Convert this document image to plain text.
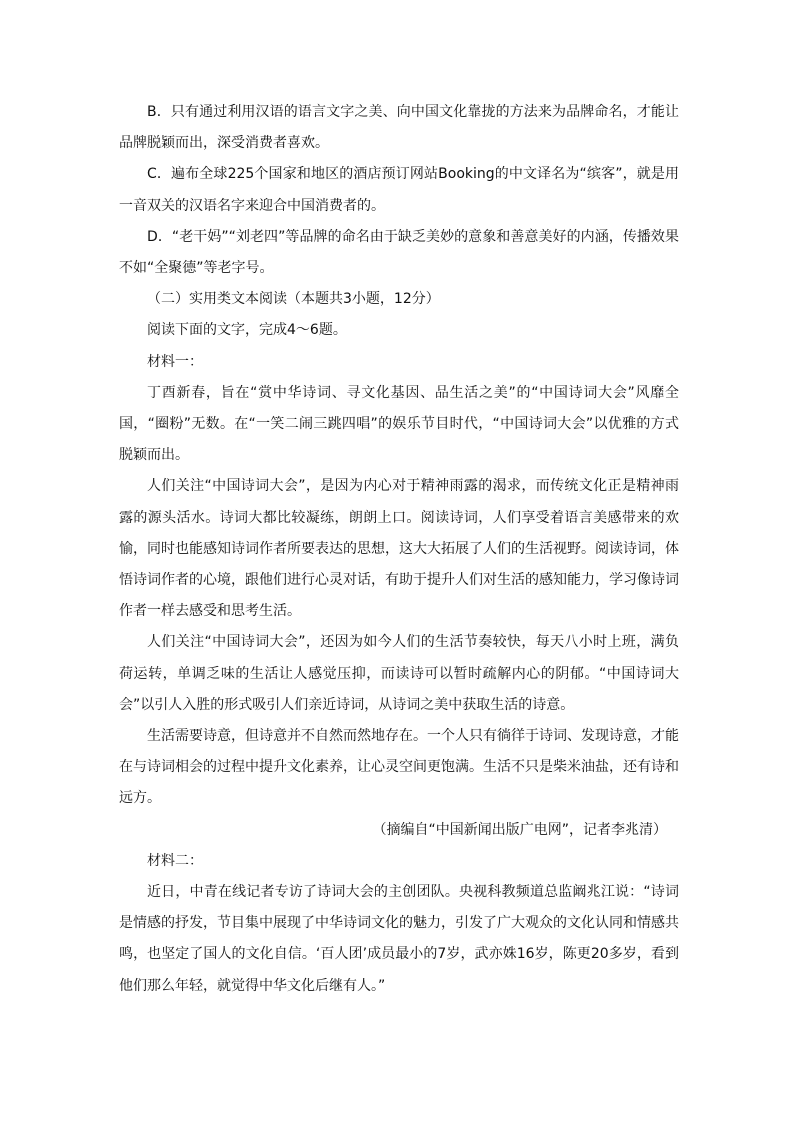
B．只有通过利用汉语的语言文字之美、向中国文化靠拢的方法来为品牌命名，才能让品牌脱颖而出，深受消费者喜欢。

C．遍布全球225个国家和地区的酒店预订网站Booking的中文译名为“缤客”，就是用一音双关的汉语名字来迎合中国消费者的。

D．“老干妈”“刘老四”等品牌的命名由于缺乏美妙的意象和善意美好的内涵，传播效果不如“全聚德”等老字号。

（二）实用类文本阅读（本题共3小题，12分）

阅读下面的文字，完成4～6题。

材料一：

丁酉新春，旨在“赏中华诗词、寻文化基因、品生活之美”的“中国诗词大会”风靡全国，“圈粉”无数。在“一笑二闹三跳四唱”的娱乐节目时代，“中国诗词大会”以优雅的方式脱颖而出。

人们关注“中国诗词大会”，是因为内心对于精神雨露的渴求，而传统文化正是精神雨露的源头活水。诗词大都比较凝练，朗朗上口。阅读诗词，人们享受着语言美感带来的欢愉，同时也能感知诗词作者所要表达的思想，这大大拓展了人们的生活视野。阅读诗词，体悟诗词作者的心境，跟他们进行心灵对话，有助于提升人们对生活的感知能力，学习像诗词作者一样去感受和思考生活。

人们关注“中国诗词大会”，还因为如今人们的生活节奏较快，每天八小时上班，满负荷运转，单调乏味的生活让人感觉压抑，而读诗可以暂时疏解内心的阴郁。“中国诗词大会”以引人入胜的形式吸引人们亲近诗词，从诗词之美中获取生活的诗意。

生活需要诗意，但诗意并不自然而然地存在。一个人只有徜徉于诗词、发现诗意，才能在与诗词相会的过程中提升文化素养，让心灵空间更饱满。生活不只是柴米油盐，还有诗和远方。

（摘编自“中国新闻出版广电网”，记者李兆清）

材料二：

近日，中青在线记者专访了诗词大会的主创团队。央视科教频道总监阚兆江说：“诗词是情感的抒发，节目集中展现了中华诗词文化的魅力，引发了广大观众的文化认同和情感共鸣，也坚定了国人的文化自信。‘百人团’成员最小的7岁，武亦姝16岁，陈更20多岁，看到他们那么年轻，就觉得中华文化后继有人。”
